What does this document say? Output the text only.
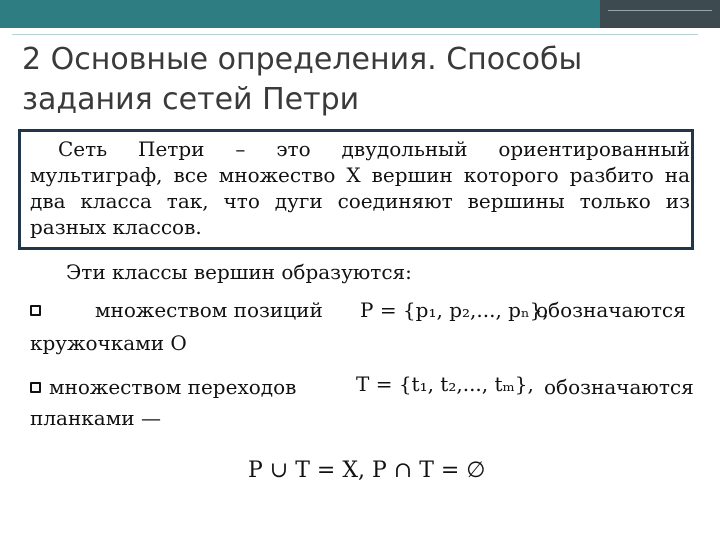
2 Основные определения. Способы задания сетей Петри

Сеть Петри – это двудольный ориентированный мультиграф, все множество X вершин которого разбито на два класса так, что дуги соединяют вершины только из разных классов.

Эти классы вершин образуются:

множеством позиций P = {p₁, p₂,..., pₙ},

обозначаются

кружочками О

множеством переходов	T = {t₁, t₂,..., tₘ}, обозначаются

планками —

P ∪ T = X, P ∩ T = ∅
